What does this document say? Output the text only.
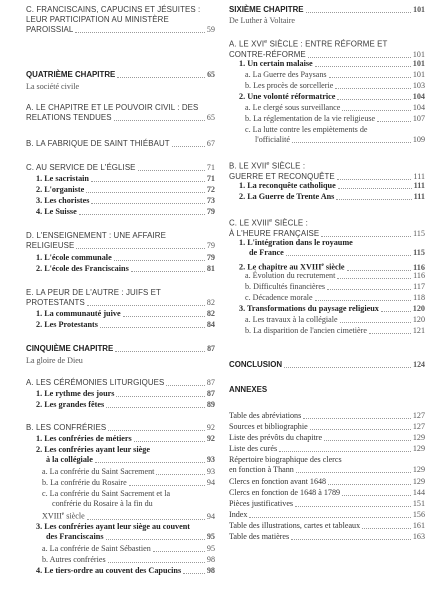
C. FRANCISCAINS, CAPUCINS ET JÉSUITES :
LEUR PARTICIPATION AU MINISTÈRE
PAROISSIAL	59
QUATRIÈME CHAPITRE	65
La société civile
A. LE CHAPITRE ET LE POUVOIR CIVIL : DES
RELATIONS TENDUES	65
B. LA FABRIQUE DE SAINT THIÉBAUT	67
C. AU SERVICE DE L'ÉGLISE	71
1. Le sacristain	71
2. L'organiste	72
3. Les choristes	73
4. Le Suisse	79
D. L'ENSEIGNEMENT : UNE AFFAIRE
RELIGIEUSE	79
1. L'école communale	79
2. L'école des Franciscains	81
E. LA PEUR DE L'AUTRE : JUIFS ET
PROTESTANTS	82
1. La communauté juive	82
2. Les Protestants	84
CINQUIÈME CHAPITRE	87
La gloire de Dieu
A. LES CÉRÉMONIES LITURGIQUES	87
1. Le rythme des jours	87
2. Les grandes fêtes	89
B. LES CONFRÉRIES	92
1. Les confréries de métiers	92
2. Les confréries ayant leur siège
à la collégiale	93
a. La confrérie du Saint Sacrement	93
b. La confrérie du Rosaire	94
c. La confrérie du Saint Sacrement et la
confrérie du Rosaire à la fin du
XVIIIe siècle	94
3. Les confréries ayant leur siège au couvent
des Franciscains	95
a. La confrérie de Saint Sébastien	95
b. Autres confréries	98
4. Le tiers-ordre au couvent des Capucins	98
SIXIÈME CHAPITRE	101
De Luther à Voltaire
A. LE XVIe SIÈCLE : ENTRE RÉFORME ET
CONTRE-RÉFORME	101
1. Un certain malaise	101
a. La Guerre des Paysans	101
b. Les procès de sorcellerie	103
2. Une volonté réformatrice	104
a. Le clergé sous surveillance	104
b. La réglementation de la vie religieuse	107
c. La lutte contre les empiètements de
l'officialité	109
B. LE XVIIe SIÈCLE :
GUERRE ET RECONQUÊTE	111
1. La reconquête catholique	111
2. La Guerre de Trente Ans	111
C. LE XVIIIe SIÈCLE :
À L'HEURE FRANÇAISE	115
1. L'intégration dans le royaume
de France	115
2. Le chapitre au XVIIIe siècle	116
a. Évolution du recrutement	116
b. Difficultés financières	117
c. Décadence morale	118
3. Transformations du paysage religieux	120
a. Les travaux à la collégiale	120
b. La disparition de l'ancien cimetière	121
CONCLUSION	124
ANNEXES
Table des abréviations	127
Sources et bibliographie	127
Liste des prévôts du chapitre	129
Liste des curés	129
Répertoire biographique des clercs
en fonction à Thann	129
Clercs en fonction avant 1648	129
Clercs en fonction de 1648 à 1789	144
Pièces justificatives	151
Index	156
Table des illustrations, cartes et tableaux	161
Table des matières	163
